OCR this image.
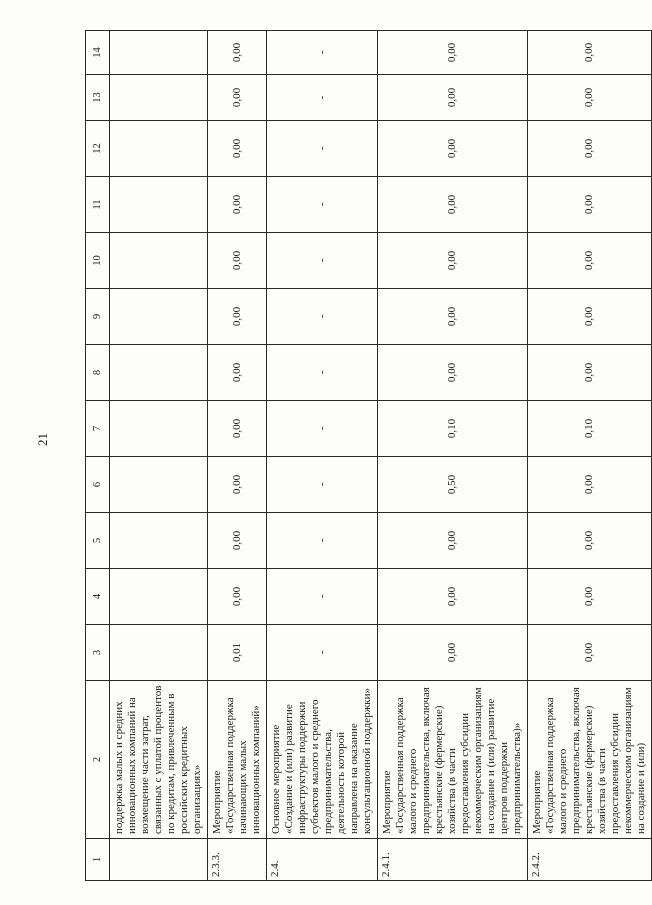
21
1	2	3	4	5	6	7	8	9	10	11	12	13	14
	поддержка малых и средних инновационных компаний на возмещение части затрат, связанных с уплатой процентов по кредитам, привлеченным в российских кредитных организациях»												
2.3.3.	Мероприятие «Государственная поддержка начинающих малых инновационных компаний»	0,01	0,00	0,00	0,00	0,00	0,00	0,00	0,00	0,00	0,00	0,00	0,00
2.4.	Основное мероприятие «Создание и (или) развитие инфраструктуры поддержки субъектов малого и среднего предпринимательства, деятельность которой направлена на оказание консультационной поддержки»	-	-	-	-	-	-	-	-	-	-	-	-
2.4.1.	Мероприятие «Государственная поддержка малого и среднего предпринимательства, включая крестьянские (фермерские) хозяйства (в части предоставления субсидии некоммерческим организациям на создание и (или) развитие центров поддержки предпринимательства)»	0,00	0,00	0,00	0,50	0,10	0,00	0,00	0,00	0,00	0,00	0,00	0,00
2.4.2.	Мероприятие «Государственная поддержка малого и среднего предпринимательства, включая крестьянские (фермерские) хозяйства (в части предоставления субсидии некоммерческим организациям на создание и (или)	0,00	0,00	0,00	0,00	0,10	0,00	0,00	0,00	0,00	0,00	0,00	0,00
